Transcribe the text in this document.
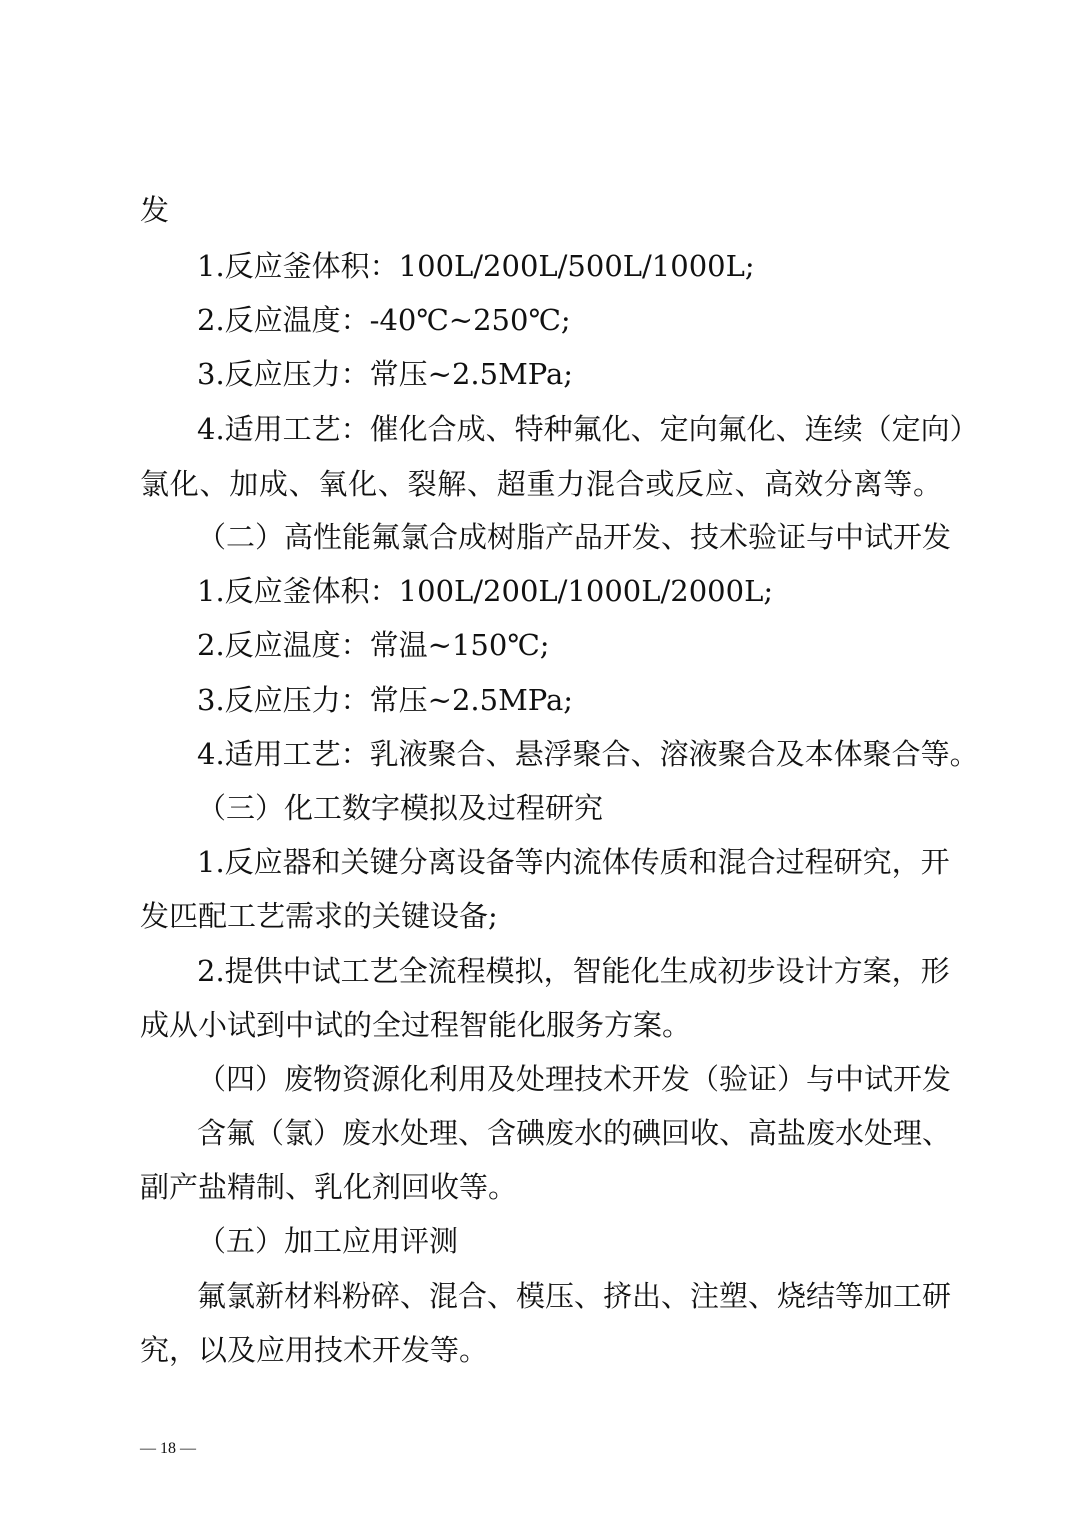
发

1.反应釜体积：100L/200L/500L/1000L;

2.反应温度：-40℃~250℃;

3.反应压力：常压~2.5MPa;

4.适用工艺：催化合成、特种氟化、定向氟化、连续（定向）

氯化、加成、氧化、裂解、超重力混合或反应、高效分离等。

（二）高性能氟氯合成树脂产品开发、技术验证与中试开发

1.反应釜体积：100L/200L/1000L/2000L;

2.反应温度：常温~150℃;

3.反应压力：常压~2.5MPa;

4.适用工艺：乳液聚合、悬浮聚合、溶液聚合及本体聚合等。

（三）化工数字模拟及过程研究

1.反应器和关键分离设备等内流体传质和混合过程研究，开

发匹配工艺需求的关键设备;

2.提供中试工艺全流程模拟，智能化生成初步设计方案，形

成从小试到中试的全过程智能化服务方案。

（四）废物资源化利用及处理技术开发（验证）与中试开发

含氟（氯）废水处理、含碘废水的碘回收、高盐废水处理、

副产盐精制、乳化剂回收等。

（五）加工应用评测

氟氯新材料粉碎、混合、模压、挤出、注塑、烧结等加工研

究，以及应用技术开发等。

— 18 —
